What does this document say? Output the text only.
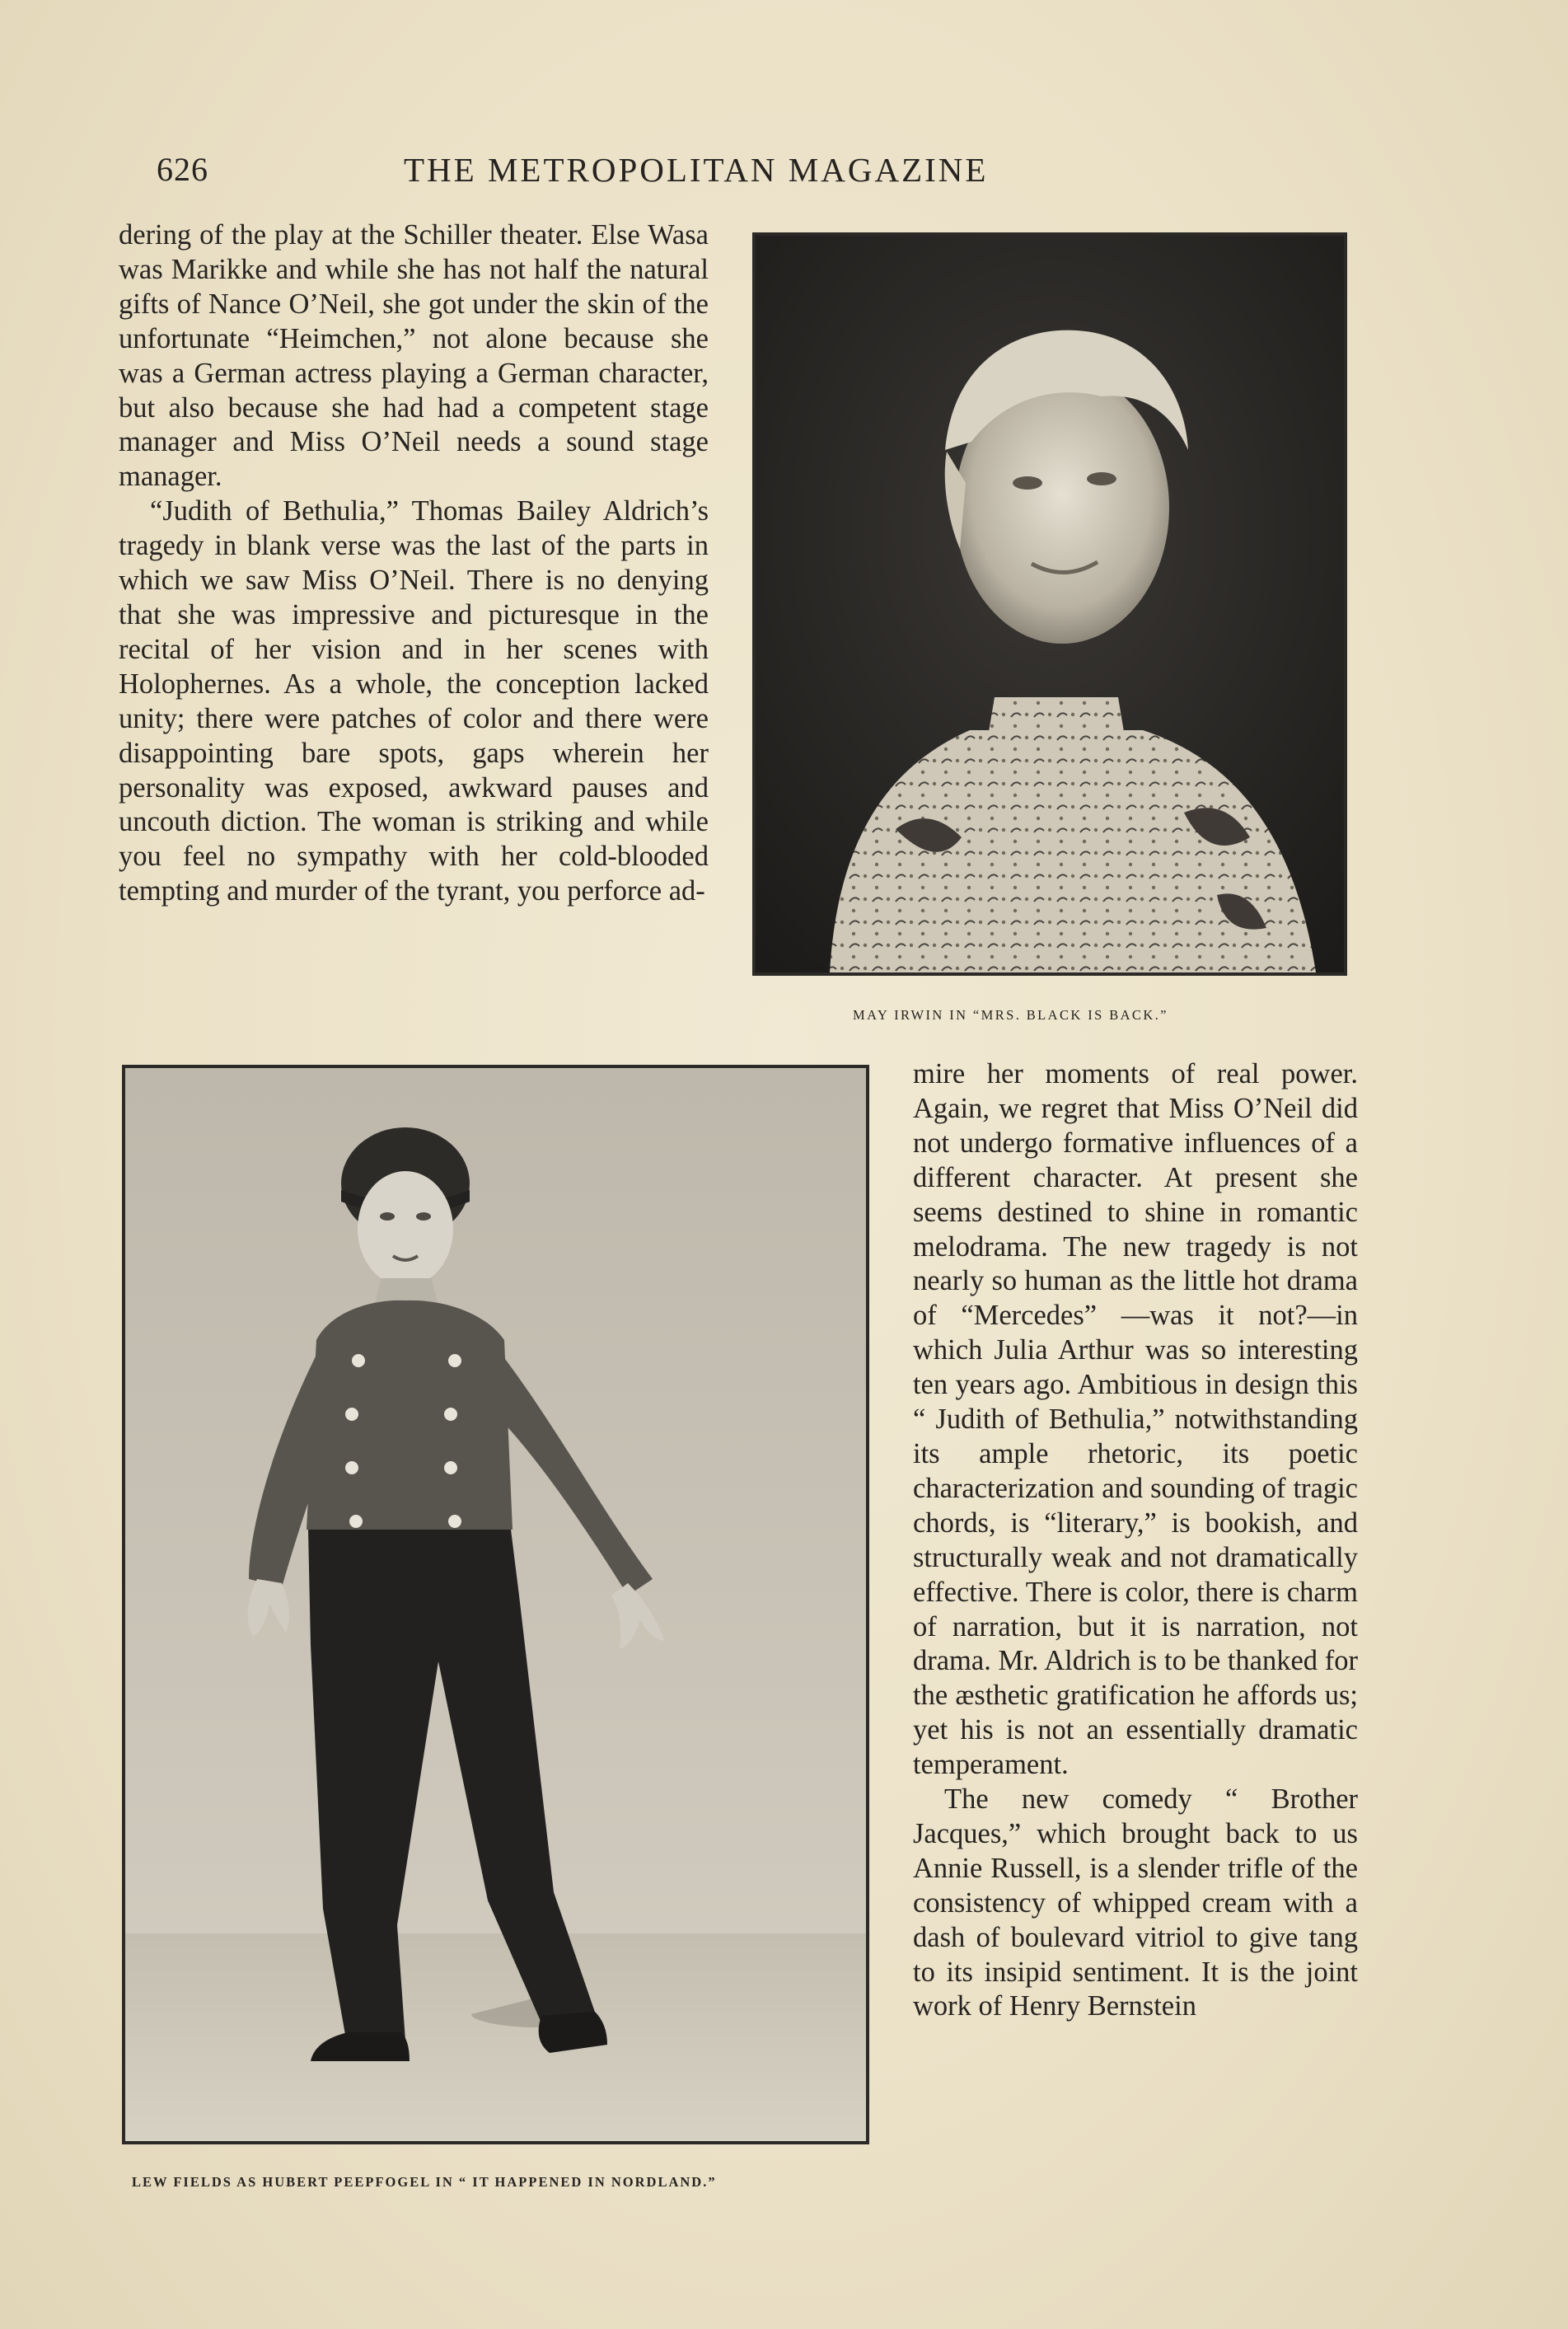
626	THE METROPOLITAN MAGAZINE

dering of the play at the Schiller theater. Else Wasa was Marikke and while she has not half the natural gifts of Nance O’Neil, she got under the skin of the unfortunate “Heimchen,” not alone because she was a German actress playing a German character, but also because she had had a competent stage manager and Miss O’Neil needs a sound stage manager.

“Judith of Bethulia,” Thomas Bailey Aldrich’s tragedy in blank verse was the last of the parts in which we saw Miss O’Neil. There is no denying that she was impressive and picturesque in the recital of her vision and in her scenes with Holophernes. As a whole, the conception lacked unity; there were patches of color and there were disappointing bare spots, gaps wherein her personality was exposed, awkward pauses and uncouth diction. The woman is striking and while you feel no sympathy with her cold-blooded tempting and murder of the tyrant, you perforce ad-

MAY IRWIN IN “MRS. BLACK IS BACK.”
LEW FIELDS AS HUBERT PEEPFOGEL IN “ IT HAPPENED IN NORDLAND.”

mire her moments of real power. Again, we regret that Miss O’Neil did not undergo formative influences of a different character. At present she seems destined to shine in romantic melodrama. The new tragedy is not nearly so human as the little hot drama of “Mercedes” —was it not?—in which Julia Arthur was so interesting ten years ago. Ambitious in design this “ Judith of Bethulia,” notwithstanding its ample rhetoric, its poetic characterization and sounding of tragic chords, is “literary,” is bookish, and structurally weak and not dramatically effective. There is color, there is charm of narration, but it is narration, not drama. Mr. Aldrich is to be thanked for the æsthetic gratification he affords us; yet his is not an essentially dramatic temperament.

The new comedy “ Brother Jacques,” which brought back to us Annie Russell, is a slender trifle of the consistency of whipped cream with a dash of boulevard vitriol to give tang to its insipid sentiment. It is the joint work of Henry Bernstein
